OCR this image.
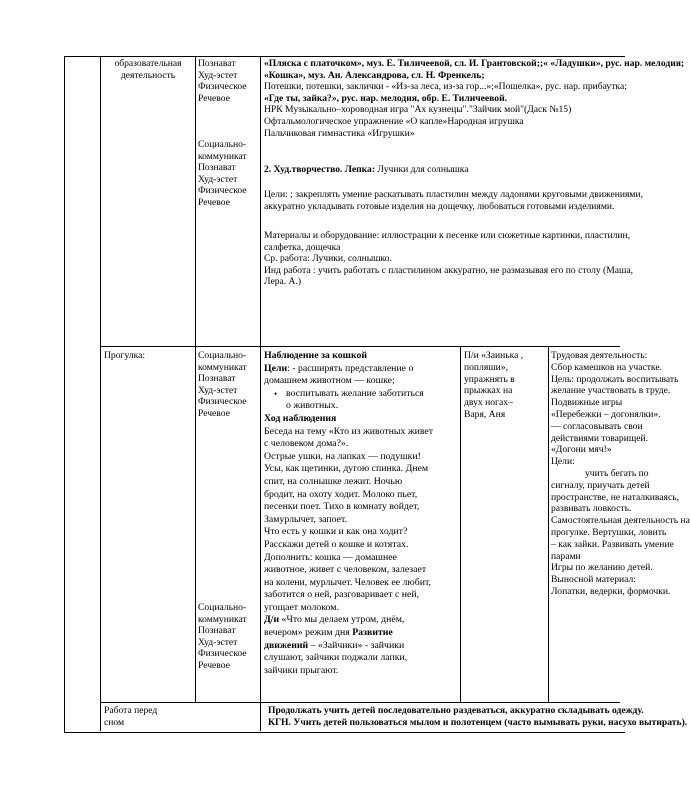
образовательная
деятельность
Познават
Худ-эстет
Физическое
Речевое
Социально-
коммуникат
Познават
Худ-эстет
Физическое
Речевое
«Пляска с платочком», муз. Е. Тиличеевой, сл. И. Грантовской;;« «Ладушки», рус. нар. мелодия;
«Кошка», муз. Ан. Александрова, сл. Н. Френкель;
Потешки, потешки, заклички - «Из-за леса, из-за гор...»;«Пошелка», рус. нар. прибаутка;
«Где ты, зайка?», рус. нар. мелодия, обр. Е. Тиличеевой.
НРК Музыкально–хороводная игра "Ах кузнецы"."Зайчик мой"(Даск №15)
Офтальмологическое упражнение «О капле»Народная игрушка
Пальчиковая гимнастика «Игрушки»
2. Худ.творчество. Лепка: Лучики для солнышка
Цели: ; закреплять умение раскатывать пластилин между ладонями круговыми движениями,
аккуратно укладывать готовые изделия на дощечку, любоваться готовыми изделиями.
Материалы и оборудование: иллюстрации к песенке или сюжетные картинки, пластилин,
салфетка, дощечка
Ср. работа: Лучики, солнышко.
Инд работа : учить работать с пластилином аккуратно, не размазывая его по столу (Маша,
Лера. А.)
Прогулка:	Социально-
коммуникат
Познават
Худ-эстет
Физическое
Речевое
Социально-
коммуникат
Познават
Худ-эстет
Физическое
Речевое
Наблюдение за кошкой
Цели: - расширять представление о
домашнем животном — кошке;
• воспитывать желание заботиться
о животных.
Ход наблюдения
Беседа на тему «Кто из животных живет
с человеком дома?».
Острые ушки, на лапках — подушки!
Усы, как щетинки, дугою спинка. Днем
спит, на солнышке лежит. Ночью
бродит, на охоту ходит. Молоко пьет,
песенки поет. Тихо в комнату войдет,
Замурлычет, запоет.
Что есть у кошки и как она ходит?
Расскажи детей о кошке и котятах.
Дополнить: кошка — домашнее
животное, живет с человеком, залезает
на колени, мурлычет. Человек ее любит,
заботится о ней, разговаривает с ней,
угощает молоком.
Д/и «Что мы делаем утром, днём,
вечером» режим дня Развитие
движений – «Зайчики» - зайчики
слушают, зайчики поджали лапки,
зайчики прыгают.
П/и «Заинька ,
попляши»,
упражнять в
прыжках на
двух ногах–
Варя, Аня
Трудовая деятельность:
Сбор камешков на участке.
Цель: продолжать воспитывать
желание участвовать в труде.
Подвижные игры
«Перебежки – догонялки».
— согласовывать свои
действиями товарищей.
«Догони мяч!»
Цели:
учить бегать по
сигналу, приучать детей
пространстве, не наталкиваясь,
развивать ловкость.
Самостоятельная деятельность на
прогулке. Вертушки, ловить
– как зайки. Развивать умение
парами
Игры по желанию детей.
Выносной материал:
Лопатки, ведерки, формочки.
Работа перед
сном
Продолжать учить детей последовательно раздеваться, аккуратно складывать одежду.
КГН. Учить детей пользоваться мылом и полотенцем (часто вымывать руки, насухо вытирать).
